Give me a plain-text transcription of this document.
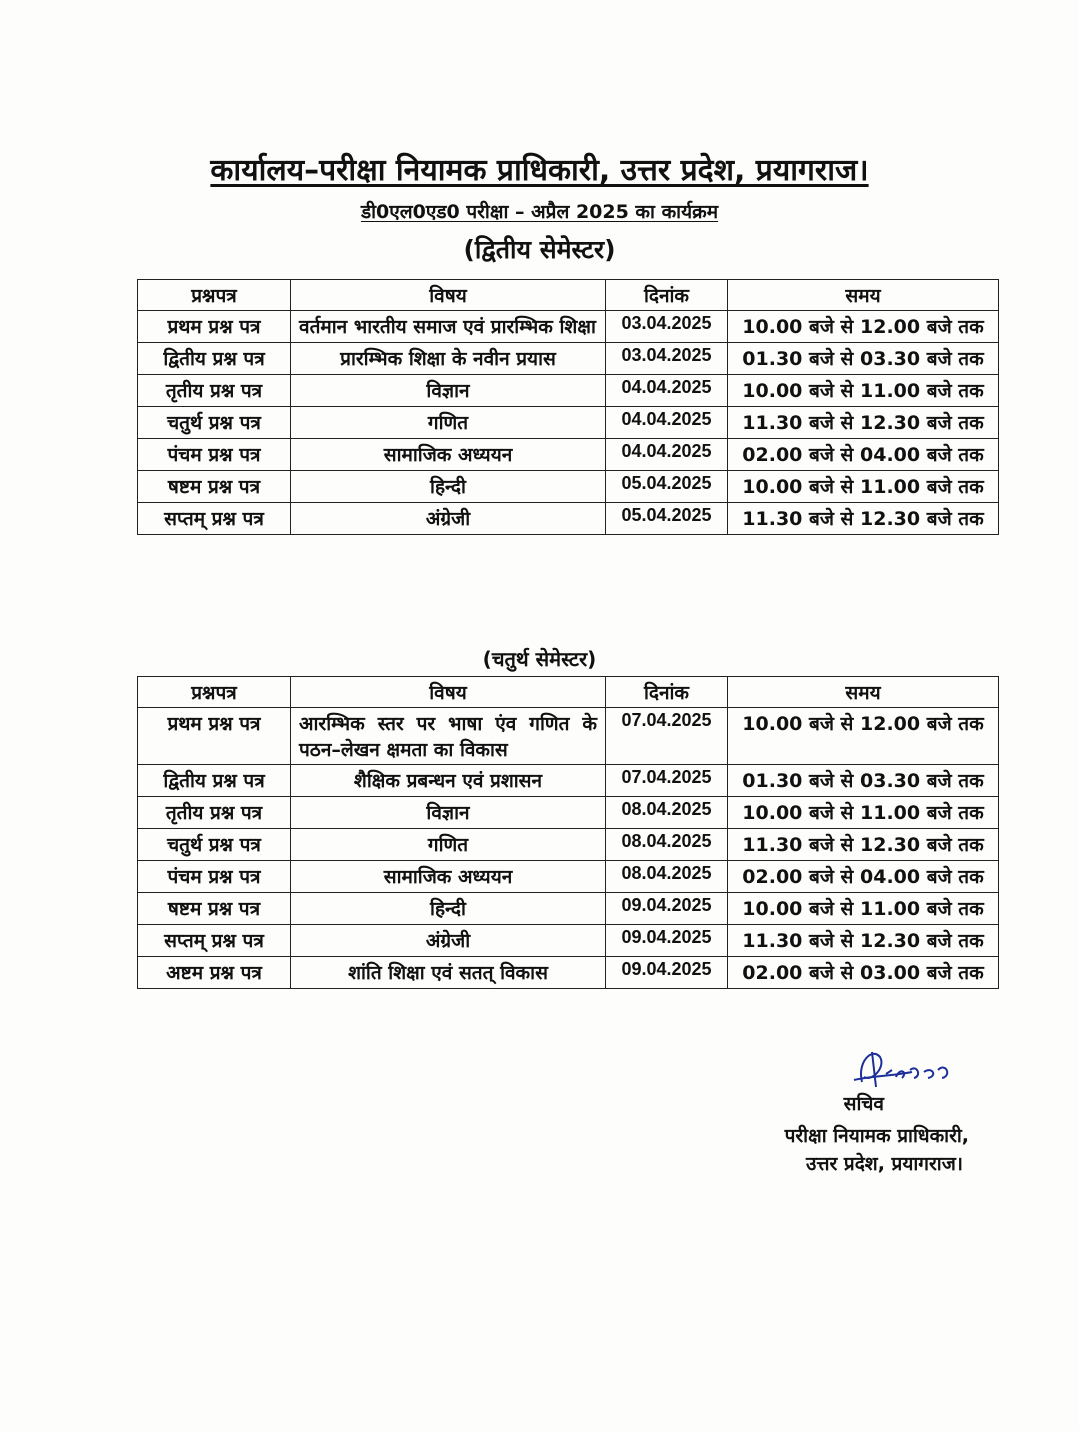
कार्यालय–परीक्षा नियामक प्राधिकारी, उत्तर प्रदेश, प्रयागराज।
डी0एल0एड0 परीक्षा – अप्रैल 2025 का कार्यक्रम
(द्वितीय सेमेस्टर)
प्रश्नपत्र	विषय	दिनांक	समय
प्रथम प्रश्न पत्र	वर्तमान भारतीय समाज एवं प्रारम्भिक शिक्षा	03.04.2025	10.00 बजे से 12.00 बजे तक
द्वितीय प्रश्न पत्र	प्रारम्भिक शिक्षा के नवीन प्रयास	03.04.2025	01.30 बजे से 03.30 बजे तक
तृतीय प्रश्न पत्र	विज्ञान	04.04.2025	10.00 बजे से 11.00 बजे तक
चतुर्थ प्रश्न पत्र	गणित	04.04.2025	11.30 बजे से 12.30 बजे तक
पंचम प्रश्न पत्र	सामाजिक अध्ययन	04.04.2025	02.00 बजे से 04.00 बजे तक
षष्टम प्रश्न पत्र	हिन्दी	05.04.2025	10.00 बजे से 11.00 बजे तक
सप्तम् प्रश्न पत्र	अंग्रेजी	05.04.2025	11.30 बजे से 12.30 बजे तक
(चतुर्थ सेमेस्टर)
प्रश्नपत्र	विषय	दिनांक	समय
प्रथम प्रश्न पत्र	आरम्भिक स्तर पर भाषा एंव गणित के पठन–लेखन क्षमता का विकास	07.04.2025	10.00 बजे से 12.00 बजे तक
द्वितीय प्रश्न पत्र	शैक्षिक प्रबन्धन एवं प्रशासन	07.04.2025	01.30 बजे से 03.30 बजे तक
तृतीय प्रश्न पत्र	विज्ञान	08.04.2025	10.00 बजे से 11.00 बजे तक
चतुर्थ प्रश्न पत्र	गणित	08.04.2025	11.30 बजे से 12.30 बजे तक
पंचम प्रश्न पत्र	सामाजिक अध्ययन	08.04.2025	02.00 बजे से 04.00 बजे तक
षष्टम प्रश्न पत्र	हिन्दी	09.04.2025	10.00 बजे से 11.00 बजे तक
सप्तम् प्रश्न पत्र	अंग्रेजी	09.04.2025	11.30 बजे से 12.30 बजे तक
अष्टम प्रश्न पत्र	शांति शिक्षा एवं सतत् विकास	09.04.2025	02.00 बजे से 03.00 बजे तक
सचिव
परीक्षा नियामक प्राधिकारी,
उत्तर प्रदेश, प्रयागराज।
